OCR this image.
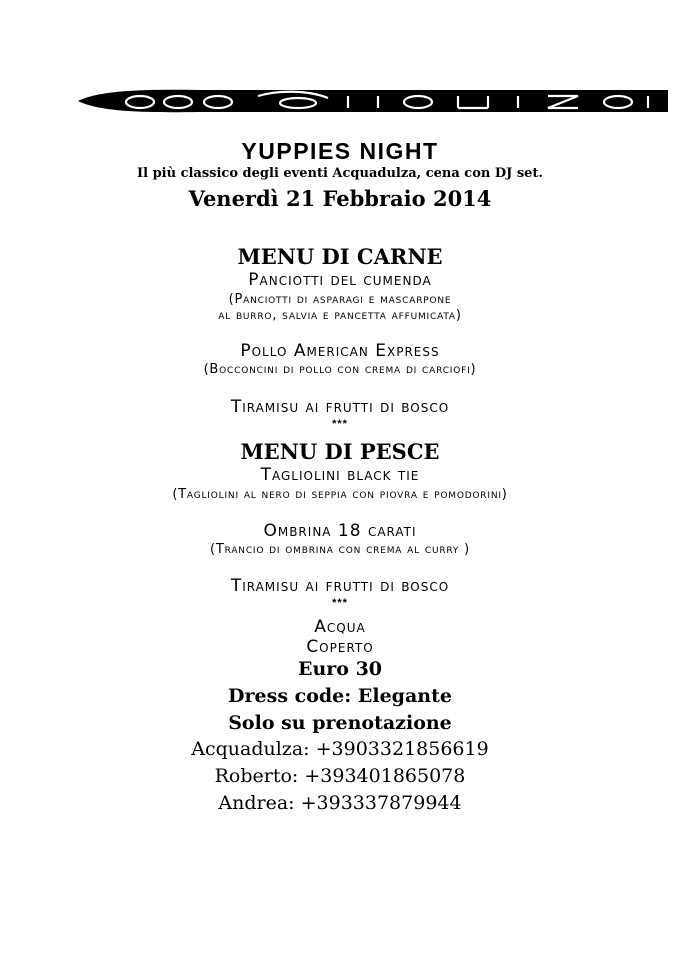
YUPPIES NIGHT
Il più classico degli eventi Acquadulza, cena con DJ set.
Venerdì 21 Febbraio 2014
MENU DI CARNE
Panciotti del cumenda
(Panciotti di asparagi e mascarpone
al burro, salvia e pancetta affumicata)
Pollo American Express
(Bocconcini di pollo con crema di carciofi)
Tiramisu ai frutti di bosco
***
MENU DI PESCE
Tagliolini black tie
(Tagliolini al nero di seppia con piovra e pomodorini)
Ombrina 18 carati
(Trancio di ombrina con crema al curry )
Tiramisu ai frutti di bosco
***
Acqua
Coperto
Euro 30
Dress code: Elegante
Solo su prenotazione
Acquadulza: +3903321856619
Roberto: +393401865078
Andrea: +393337879944
